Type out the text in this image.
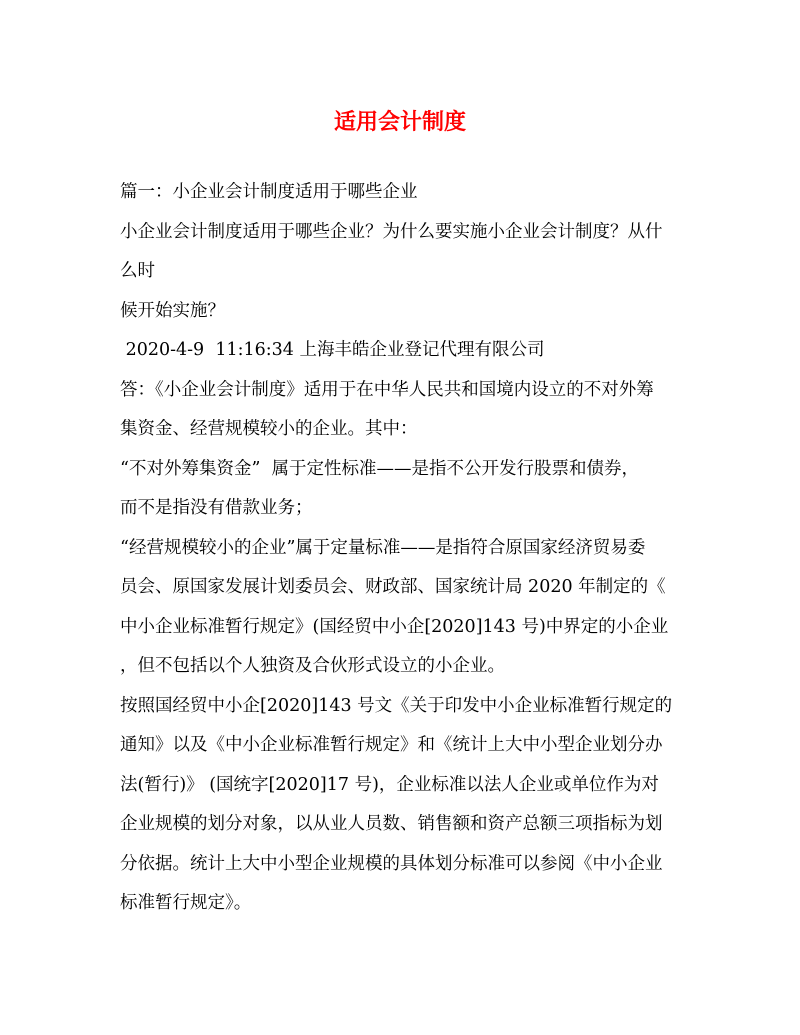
适用会计制度
篇一：小企业会计制度适用于哪些企业
小企业会计制度适用于哪些企业？为什么要实施小企业会计制度？从什
么时
候开始实施？
2020-4-9  11:16:34 上海丰皓企业登记代理有限公司
答：《小企业会计制度》适用于在中华人民共和国境内设立的不对外筹
集资金、经营规模较小的企业。其中：
“不对外筹集资金”  属于定性标准——是指不公开发行股票和债券，
而不是指没有借款业务；
“经营规模较小的企业”属于定量标准——是指符合原国家经济贸易委
员会、原国家发展计划委员会、财政部、国家统计局 2020 年制定的《
中小企业标准暂行规定》(国经贸中小企[2020]143 号)中界定的小企业
，但不包括以个人独资及合伙形式设立的小企业。
按照国经贸中小企[2020]143 号文《关于印发中小企业标准暂行规定的
通知》以及《中小企业标准暂行规定》和《统计上大中小型企业划分办
法(暂行)》 (国统字[2020]17 号)，企业标准以法人企业或单位作为对
企业规模的划分对象，以从业人员数、销售额和资产总额三项指标为划
分依据。统计上大中小型企业规模的具体划分标准可以参阅《中小企业
标准暂行规定》。
